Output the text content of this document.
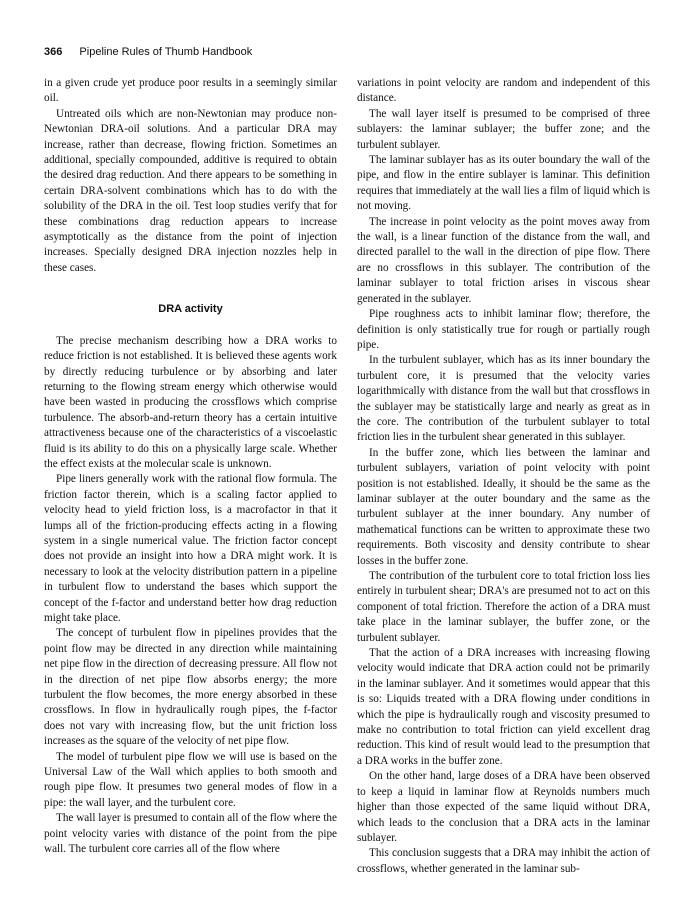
366 Pipeline Rules of Thumb Handbook

in a given crude yet produce poor results in a seemingly similar oil.

Untreated oils which are non-Newtonian may produce non-Newtonian DRA-oil solutions. And a particular DRA may increase, rather than decrease, flowing friction. Sometimes an additional, specially compounded, additive is required to obtain the desired drag reduction. And there appears to be something in certain DRA-solvent combinations which has to do with the solubility of the DRA in the oil. Test loop studies verify that for these combinations drag reduction appears to increase asymptotically as the distance from the point of injection increases. Specially designed DRA injection nozzles help in these cases.

DRA activity

The precise mechanism describing how a DRA works to reduce friction is not established. It is believed these agents work by directly reducing turbulence or by absorbing and later returning to the flowing stream energy which otherwise would have been wasted in producing the crossflows which comprise turbulence. The absorb-and-return theory has a certain intuitive attractiveness because one of the characteristics of a viscoelastic fluid is its ability to do this on a physically large scale. Whether the effect exists at the molecular scale is unknown.

Pipe liners generally work with the rational flow formula. The friction factor therein, which is a scaling factor applied to velocity head to yield friction loss, is a macrofactor in that it lumps all of the friction-producing effects acting in a flowing system in a single numerical value. The friction factor concept does not provide an insight into how a DRA might work. It is necessary to look at the velocity distribution pattern in a pipeline in turbulent flow to understand the bases which support the concept of the f-factor and understand better how drag reduction might take place.

The concept of turbulent flow in pipelines provides that the point flow may be directed in any direction while maintaining net pipe flow in the direction of decreasing pressure. All flow not in the direction of net pipe flow absorbs energy; the more turbulent the flow becomes, the more energy absorbed in these crossflows. In flow in hydraulically rough pipes, the f-factor does not vary with increasing flow, but the unit friction loss increases as the square of the velocity of net pipe flow.

The model of turbulent pipe flow we will use is based on the Universal Law of the Wall which applies to both smooth and rough pipe flow. It presumes two general modes of flow in a pipe: the wall layer, and the turbulent core.

The wall layer is presumed to contain all of the flow where the point velocity varies with distance of the point from the pipe wall. The turbulent core carries all of the flow where

variations in point velocity are random and independent of this distance.

The wall layer itself is presumed to be comprised of three sublayers: the laminar sublayer; the buffer zone; and the turbulent sublayer.

The laminar sublayer has as its outer boundary the wall of the pipe, and flow in the entire sublayer is laminar. This definition requires that immediately at the wall lies a film of liquid which is not moving.

The increase in point velocity as the point moves away from the wall, is a linear function of the distance from the wall, and directed parallel to the wall in the direction of pipe flow. There are no crossflows in this sublayer. The contribution of the laminar sublayer to total friction arises in viscous shear generated in the sublayer.

Pipe roughness acts to inhibit laminar flow; therefore, the definition is only statistically true for rough or partially rough pipe.

In the turbulent sublayer, which has as its inner boundary the turbulent core, it is presumed that the velocity varies logarithmically with distance from the wall but that crossflows in the sublayer may be statistically large and nearly as great as in the core. The contribution of the turbulent sublayer to total friction lies in the turbulent shear generated in this sublayer.

In the buffer zone, which lies between the laminar and turbulent sublayers, variation of point velocity with point position is not established. Ideally, it should be the same as the laminar sublayer at the outer boundary and the same as the turbulent sublayer at the inner boundary. Any number of mathematical functions can be written to approximate these two requirements. Both viscosity and density contribute to shear losses in the buffer zone.

The contribution of the turbulent core to total friction loss lies entirely in turbulent shear; DRA's are presumed not to act on this component of total friction. Therefore the action of a DRA must take place in the laminar sublayer, the buffer zone, or the turbulent sublayer.

That the action of a DRA increases with increasing flowing velocity would indicate that DRA action could not be primarily in the laminar sublayer. And it sometimes would appear that this is so: Liquids treated with a DRA flowing under conditions in which the pipe is hydraulically rough and viscosity presumed to make no contribution to total friction can yield excellent drag reduction. This kind of result would lead to the presumption that a DRA works in the buffer zone.

On the other hand, large doses of a DRA have been observed to keep a liquid in laminar flow at Reynolds numbers much higher than those expected of the same liquid without DRA, which leads to the conclusion that a DRA acts in the laminar sublayer.

This conclusion suggests that a DRA may inhibit the action of crossflows, whether generated in the laminar sub-
